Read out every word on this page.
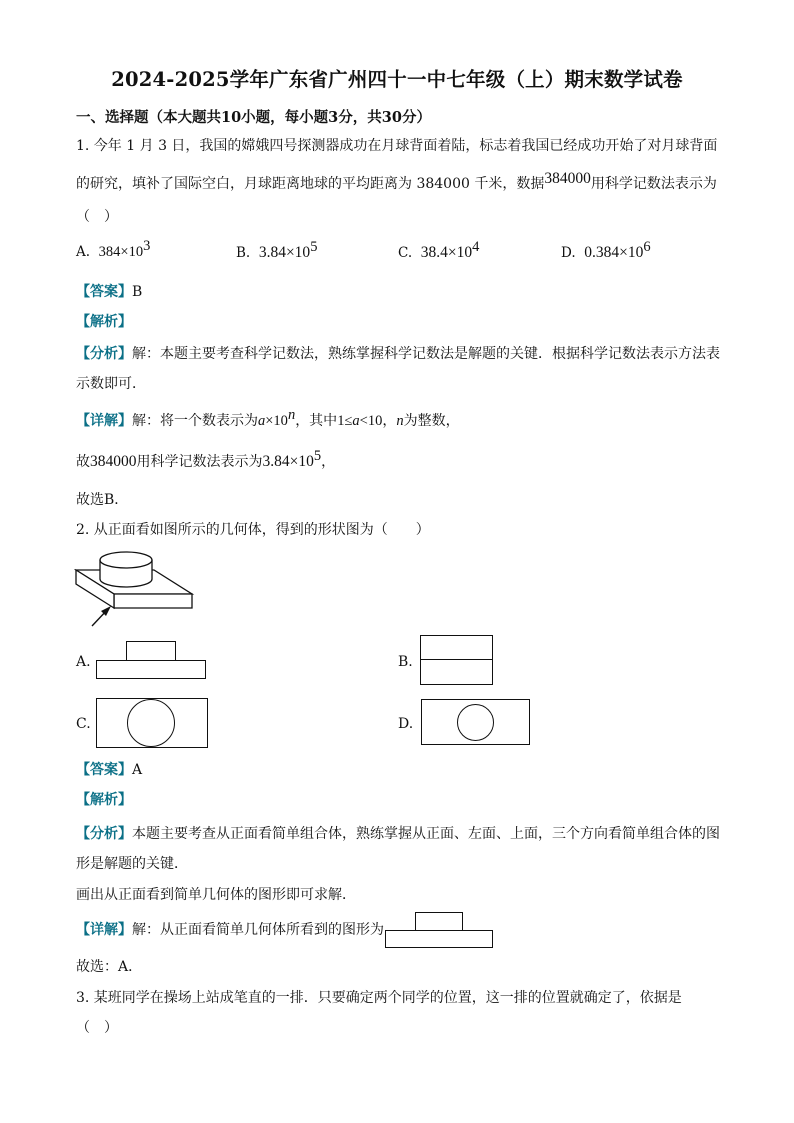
2024-2025学年广东省广州四十一中七年级（上）期末数学试卷
一、选择题（本大题共10小题，每小题3分，共30分）
1. 今年 1 月 3 日，我国的嫦娥四号探测器成功在月球背面着陆，标志着我国已经成功开始了对月球背面
的研究，填补了国际空白，月球距离地球的平均距离为 384000 千米，数据384000用科学记数法表示为
（　）
A. $384\times 10^3$	B. $3.84\times 10^5$	C. $38.4\times 10^4$	D. $0.384\times 10^6$
【答案】B
【解析】
【分析】解：本题主要考查科学记数法，熟练掌握科学记数法是解题的关键．根据科学记数法表示方法表
示数即可．
【详解】解：将一个数表示为$a\times 10^n$，其中1≤a<10，n为整数，
故384000用科学记数法表示为$3.84\times 10^5$，
故选B．
2. 从正面看如图所示的几何体，得到的形状图为（　　）
A.	B.
C.	D.
【答案】A
【解析】
【分析】本题主要考查从正面看简单组合体，熟练掌握从正面、左面、上面，三个方向看简单组合体的图
形是解题的关键．
画出从正面看到简单几何体的图形即可求解．
【详解】解：从正面看简单几何体所看到的图形为
故选：A．
3. 某班同学在操场上站成笔直的一排．只要确定两个同学的位置，这一排的位置就确定了，依据是
（　）
